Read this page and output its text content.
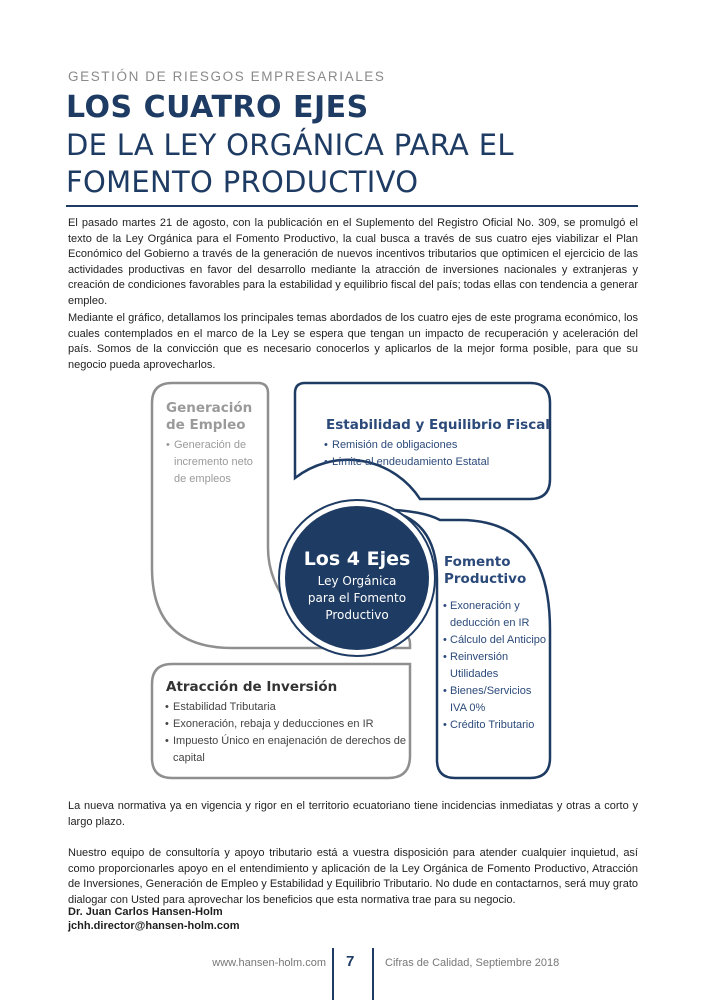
GESTIÓN DE RIESGOS EMPRESARIALES
LOS CUATRO EJES
DE LA LEY ORGÁNICA PARA EL
FOMENTO PRODUCTIVO

El pasado martes 21 de agosto, con la publicación en el Suplemento del Registro Oficial No. 309, se promulgó el texto de la Ley Orgánica para el Fomento Productivo, la cual busca a través de sus cuatro ejes viabilizar el Plan Económico del Gobierno a través de la generación de nuevos incentivos tributarios que optimicen el ejercicio de las actividades productivas en favor del desarrollo mediante la atracción de inversiones nacionales y extranjeras y creación de condiciones favorables para la estabilidad y equilibrio fiscal del país; todas ellas con tendencia a generar empleo.

Mediante el gráfico, detallamos los principales temas abordados de los cuatro ejes de este programa económico, los cuales contemplados en el marco de la Ley se espera que tengan un impacto de recuperación y aceleración del país. Somos de la convicción que es necesario conocerlos y aplicarlos de la mejor forma posible, para que su negocio pueda aprovecharlos.

Los 4 Ejes
Ley Orgánica
para el Fomento
Productivo
Generación
de Empleo
• Generación de incremento neto de empleos
Estabilidad y Equilibrio Fiscal
• Remisión de obligaciones
• Límite al endeudamiento Estatal
Fomento
Productivo
• Exoneración y deducción en IR
• Cálculo del Anticipo
• Reinversión Utilidades
• Bienes/Servicios IVA 0%
• Crédito Tributario
Atracción de Inversión
• Estabilidad Tributaria
• Exoneración, rebaja y deducciones en IR
• Impuesto Único en enajenación de derechos de capital

La nueva normativa ya en vigencia y rigor en el territorio ecuatoriano tiene incidencias inmediatas y otras a corto y largo plazo.

Nuestro equipo de consultoría y apoyo tributario está a vuestra disposición para atender cualquier inquietud, así como proporcionarles apoyo en el entendimiento y aplicación de la Ley Orgánica de Fomento Productivo, Atracción de Inversiones, Generación de Empleo y Estabilidad y Equilibrio Tributario. No dude en contactarnos, será muy grato dialogar con Usted para aprovechar los beneficios que esta normativa trae para su negocio.

Dr. Juan Carlos Hansen-Holm
jchh.director@hansen-holm.com
www.hansen-holm.com 7	Cifras de Calidad, Septiembre 2018
